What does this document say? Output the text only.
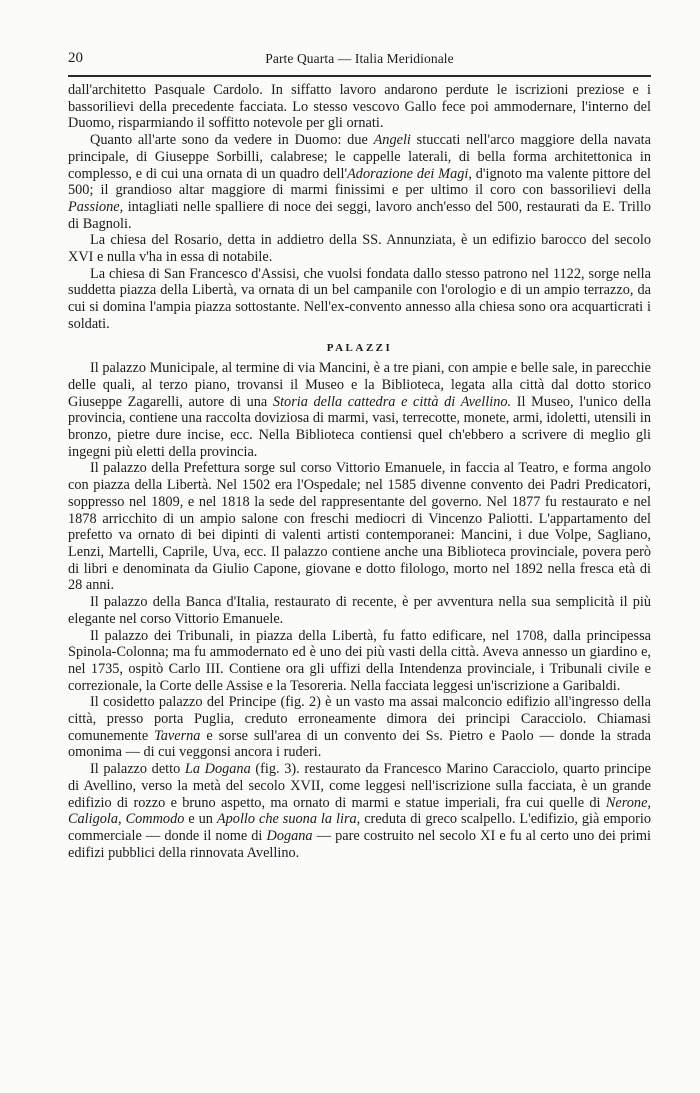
20	Parte Quarta — Italia Meridionale

dall'architetto Pasquale Cardolo. In siffatto lavoro andarono perdute le iscrizioni preziose e i bassorilievi della precedente facciata. Lo stesso vescovo Gallo fece poi ammodernare, l'interno del Duomo, risparmiando il soffitto notevole per gli ornati.

Quanto all'arte sono da vedere in Duomo: due Angeli stuccati nell'arco maggiore della navata principale, di Giuseppe Sorbilli, calabrese; le cappelle laterali, di bella forma architettonica in complesso, e di cui una ornata di un quadro dell'Adorazione dei Magi, d'ignoto ma valente pittore del 500; il grandioso altar maggiore di marmi finissimi e per ultimo il coro con bassorilievi della Passione, intagliati nelle spalliere di noce dei seggi, lavoro anch'esso del 500, restaurati da E. Trillo di Bagnoli.

La chiesa del Rosario, detta in addietro della SS. Annunziata, è un edifizio barocco del secolo XVI e nulla v'ha in essa di notabile.

La chiesa di San Francesco d'Assisi, che vuolsi fondata dallo stesso patrono nel 1122, sorge nella suddetta piazza della Libertà, va ornata di un bel campanile con l'orologio e di un ampio terrazzo, da cui si domina l'ampia piazza sottostante. Nell'ex-convento annesso alla chiesa sono ora acquarticrati i soldati.

PALAZZI

Il palazzo Municipale, al termine di via Mancini, è a tre piani, con ampie e belle sale, in parecchie delle quali, al terzo piano, trovansi il Museo e la Biblioteca, legata alla città dal dotto storico Giuseppe Zagarelli, autore di una Storia della cattedra e città di Avellino. Il Museo, l'unico della provincia, contiene una raccolta doviziosa di marmi, vasi, terrecotte, monete, armi, idoletti, utensili in bronzo, pietre dure incise, ecc. Nella Biblioteca contiensi quel ch'ebbero a scrivere di meglio gli ingegni più eletti della provincia.

Il palazzo della Prefettura sorge sul corso Vittorio Emanuele, in faccia al Teatro, e forma angolo con piazza della Libertà. Nel 1502 era l'Ospedale; nel 1585 divenne convento dei Padri Predicatori, soppresso nel 1809, e nel 1818 la sede del rappresentante del governo. Nel 1877 fu restaurato e nel 1878 arricchito di un ampio salone con freschi mediocri di Vincenzo Paliotti. L'appartamento del prefetto va ornato di bei dipinti di valenti artisti contemporanei: Mancini, i due Volpe, Sagliano, Lenzi, Martelli, Caprile, Uva, ecc. Il palazzo contiene anche una Biblioteca provinciale, povera però di libri e denominata da Giulio Capone, giovane e dotto filologo, morto nel 1892 nella fresca età di 28 anni.

Il palazzo della Banca d'Italia, restaurato di recente, è per avventura nella sua semplicità il più elegante nel corso Vittorio Emanuele.

Il palazzo dei Tribunali, in piazza della Libertà, fu fatto edificare, nel 1708, dalla principessa Spinola-Colonna; ma fu ammodernato ed è uno dei più vasti della città. Aveva annesso un giardino e, nel 1735, ospitò Carlo III. Contiene ora gli uffizi della Intendenza provinciale, i Tribunali civile e correzionale, la Corte delle Assise e la Tesoreria. Nella facciata leggesi un'iscrizione a Garibaldi.

Il cosidetto palazzo del Principe (fig. 2) è un vasto ma assai malconcio edifizio all'ingresso della città, presso porta Puglia, creduto erroneamente dimora dei principi Caracciolo. Chiamasi comunemente Taverna e sorse sull'area di un convento dei Ss. Pietro e Paolo — donde la strada omonima — di cui veggonsi ancora i ruderi.

Il palazzo detto La Dogana (fig. 3). restaurato da Francesco Marino Caracciolo, quarto principe di Avellino, verso la metà del secolo XVII, come leggesi nell'iscrizione sulla facciata, è un grande edifizio di rozzo e bruno aspetto, ma ornato di marmi e statue imperiali, fra cui quelle di Nerone, Caligola, Commodo e un Apollo che suona la lira, creduta di greco scalpello. L'edifizio, già emporio commerciale — donde il nome di Dogana — pare costruito nel secolo XI e fu al certo uno dei primi edifizi pubblici della rinnovata Avellino.
